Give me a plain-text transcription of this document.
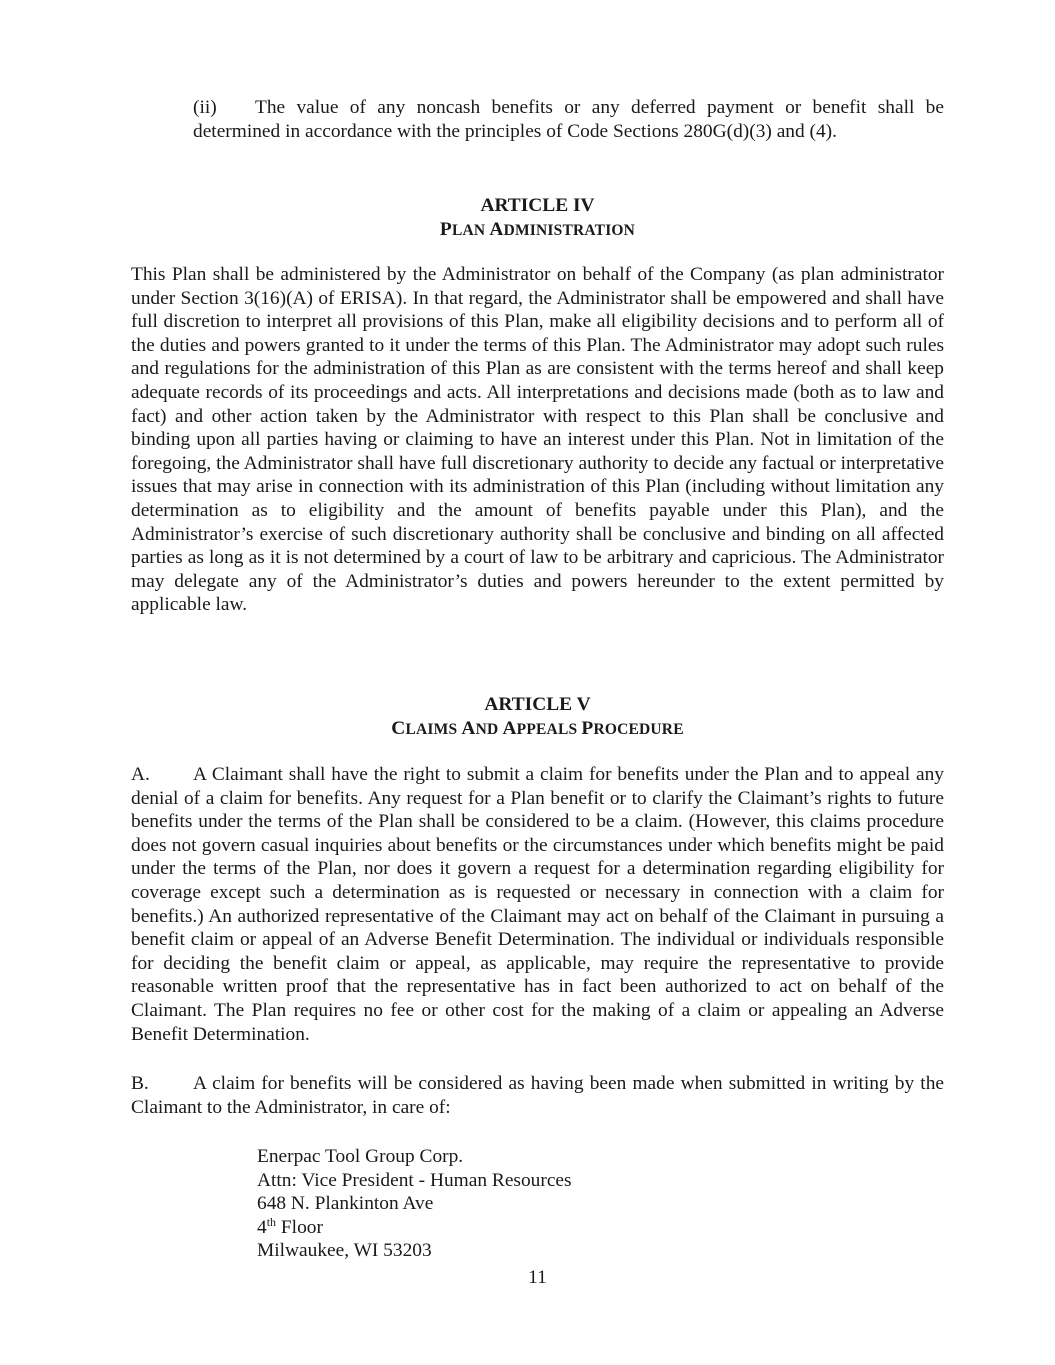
(ii) The value of any noncash benefits or any deferred payment or benefit shall be determined in accordance with the principles of Code Sections 280G(d)(3) and (4).

ARTICLE IV
PLAN ADMINISTRATION

This Plan shall be administered by the Administrator on behalf of the Company (as plan administrator under Section 3(16)(A) of ERISA). In that regard, the Administrator shall be empowered and shall have full discretion to interpret all provisions of this Plan, make all eligibility decisions and to perform all of the duties and powers granted to it under the terms of this Plan. The Administrator may adopt such rules and regulations for the administration of this Plan as are consistent with the terms hereof and shall keep adequate records of its proceedings and acts. All interpretations and decisions made (both as to law and fact) and other action taken by the Administrator with respect to this Plan shall be conclusive and binding upon all parties having or claiming to have an interest under this Plan. Not in limitation of the foregoing, the Administrator shall have full discretionary authority to decide any factual or interpretative issues that may arise in connection with its administration of this Plan (including without limitation any determination as to eligibility and the amount of benefits payable under this Plan), and the Administrator’s exercise of such discretionary authority shall be conclusive and binding on all affected parties as long as it is not determined by a court of law to be arbitrary and capricious. The Administrator may delegate any of the Administrator’s duties and powers hereunder to the extent permitted by applicable law.

ARTICLE V
CLAIMS AND APPEALS PROCEDURE

A. A Claimant shall have the right to submit a claim for benefits under the Plan and to appeal any denial of a claim for benefits. Any request for a Plan benefit or to clarify the Claimant’s rights to future benefits under the terms of the Plan shall be considered to be a claim. (However, this claims procedure does not govern casual inquiries about benefits or the circumstances under which benefits might be paid under the terms of the Plan, nor does it govern a request for a determination regarding eligibility for coverage except such a determination as is requested or necessary in connection with a claim for benefits.) An authorized representative of the Claimant may act on behalf of the Claimant in pursuing a benefit claim or appeal of an Adverse Benefit Determination. The individual or individuals responsible for deciding the benefit claim or appeal, as applicable, may require the representative to provide reasonable written proof that the representative has in fact been authorized to act on behalf of the Claimant. The Plan requires no fee or other cost for the making of a claim or appealing an Adverse Benefit Determination.

B. A claim for benefits will be considered as having been made when submitted in writing by the Claimant to the Administrator, in care of:

Enerpac Tool Group Corp.
Attn: Vice President - Human Resources
648 N. Plankinton Ave
4th Floor
Milwaukee, WI 53203
11
